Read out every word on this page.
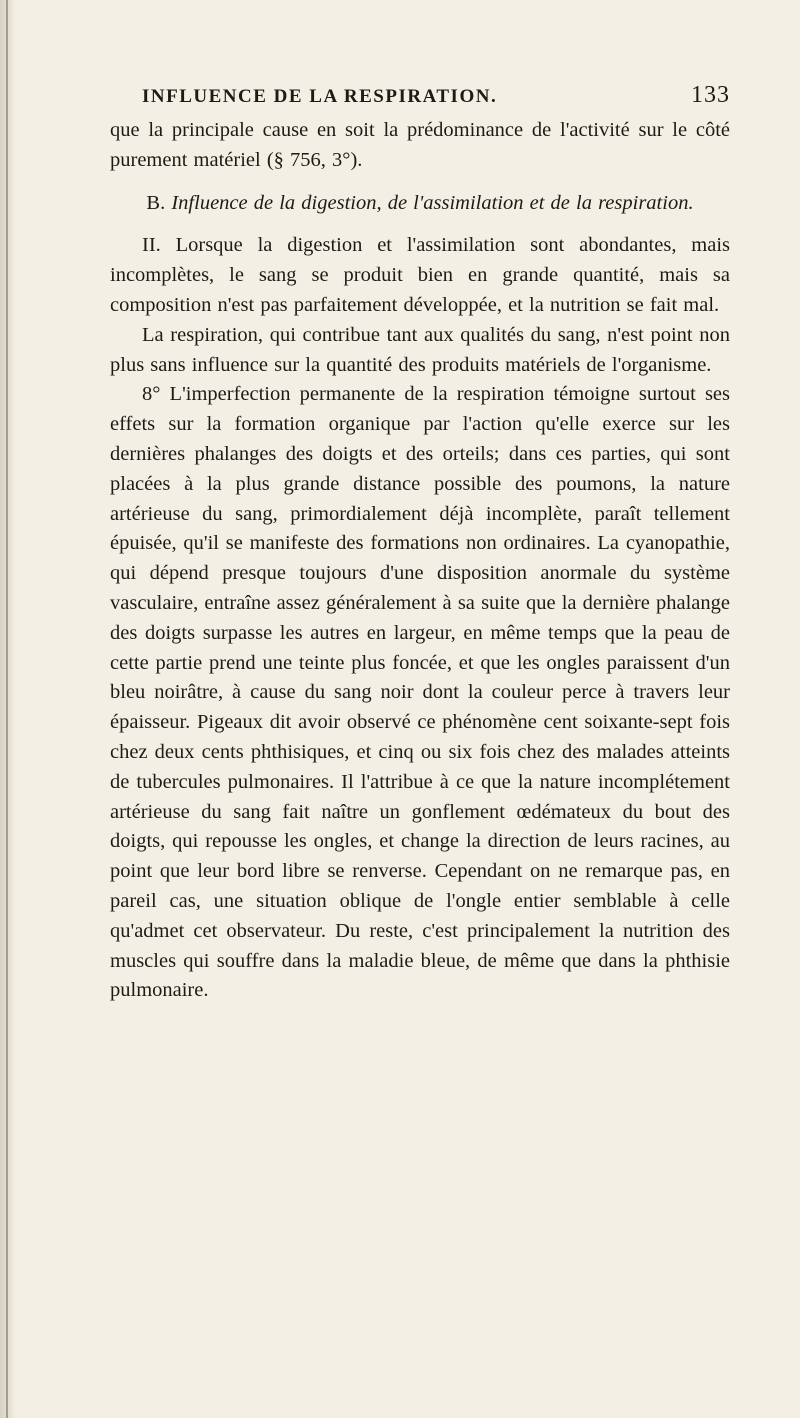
INFLUENCE DE LA RESPIRATION.	133

que la principale cause en soit la prédominance de l'activité sur le côté purement matériel (§ 756, 3°).

B. Influence de la digestion, de l'assimilation et de la respiration.

II. Lorsque la digestion et l'assimilation sont abondantes, mais incomplètes, le sang se produit bien en grande quantité, mais sa composition n'est pas parfaitement développée, et la nutrition se fait mal.

La respiration, qui contribue tant aux qualités du sang, n'est point non plus sans influence sur la quantité des produits matériels de l'organisme.

8° L'imperfection permanente de la respiration témoigne surtout ses effets sur la formation organique par l'action qu'elle exerce sur les dernières phalanges des doigts et des orteils; dans ces parties, qui sont placées à la plus grande distance possible des poumons, la nature artérieuse du sang, primordialement déjà incomplète, paraît tellement épuisée, qu'il se manifeste des formations non ordinaires. La cyanopathie, qui dépend presque toujours d'une disposition anormale du système vasculaire, entraîne assez généralement à sa suite que la dernière phalange des doigts surpasse les autres en largeur, en même temps que la peau de cette partie prend une teinte plus foncée, et que les ongles paraissent d'un bleu noirâtre, à cause du sang noir dont la couleur perce à travers leur épaisseur. Pigeaux dit avoir observé ce phénomène cent soixante-sept fois chez deux cents phthisiques, et cinq ou six fois chez des malades atteints de tubercules pulmonaires. Il l'attribue à ce que la nature incomplétement artérieuse du sang fait naître un gonflement œdémateux du bout des doigts, qui repousse les ongles, et change la direction de leurs racines, au point que leur bord libre se renverse. Cependant on ne remarque pas, en pareil cas, une situation oblique de l'ongle entier semblable à celle qu'admet cet observateur. Du reste, c'est principalement la nutrition des muscles qui souffre dans la maladie bleue, de même que dans la phthisie pulmonaire.
